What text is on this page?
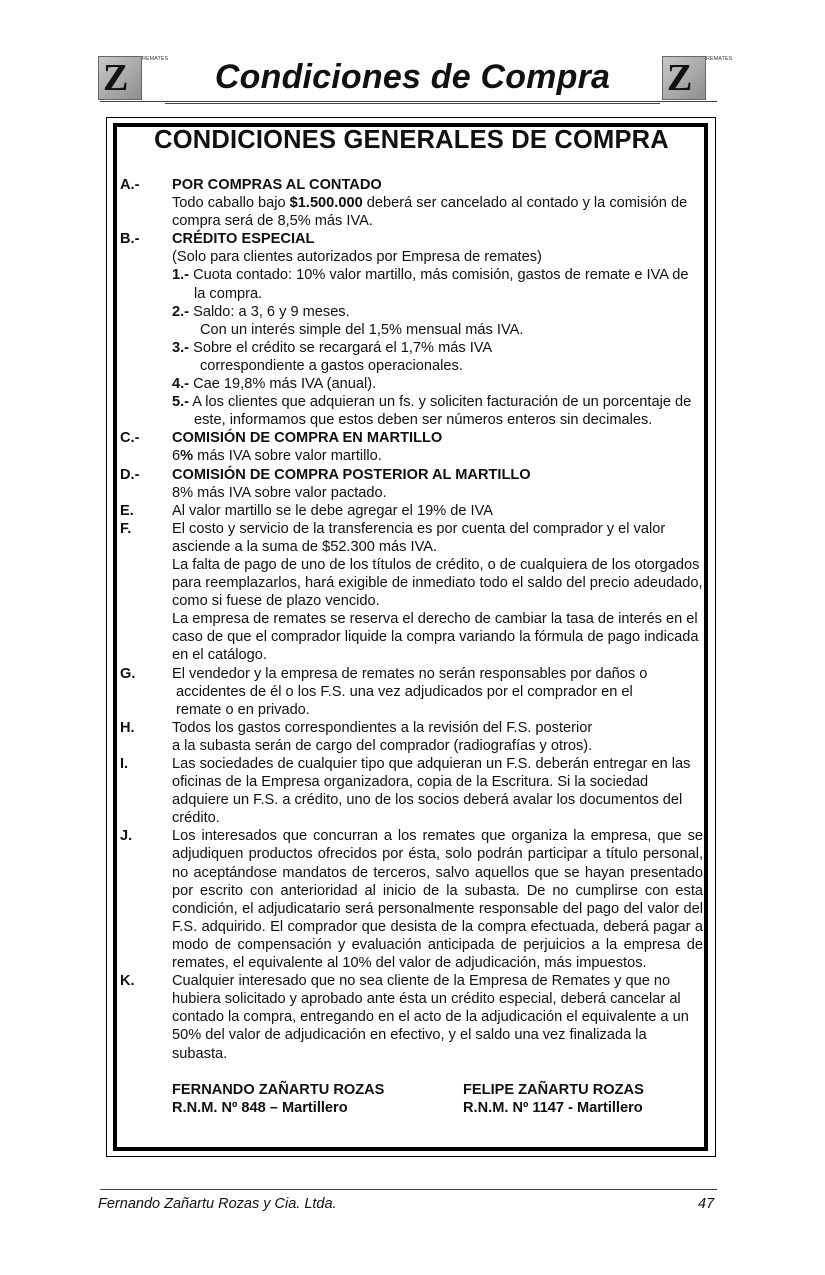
Z REMATES	Condiciones de Compra	Z REMATES
CONDICIONES GENERALES DE COMPRA
A.- POR COMPRAS AL CONTADO
Todo caballo bajo $1.500.000 deberá ser cancelado al contado y la comisión de compra será de 8,5% más IVA.
B.- CRÉDITO ESPECIAL
(Solo para clientes autorizados por Empresa de remates)
1.- Cuota contado: 10% valor martillo, más comisión, gastos de remate e IVA de la compra.
2.- Saldo: a 3, 6 y 9 meses.
Con un interés simple del 1,5% mensual más IVA.
3.- Sobre el crédito se recargará el 1,7% más IVA
correspondiente a gastos operacionales.
4.- Cae 19,8% más IVA (anual).
5.- A los clientes que adquieran un fs. y soliciten facturación de un porcentaje de este, informamos que estos deben ser números enteros sin decimales.
C.- COMISIÓN DE COMPRA EN MARTILLO
6% más IVA sobre valor martillo.
D.- COMISIÓN DE COMPRA POSTERIOR AL MARTILLO
8% más IVA sobre valor pactado.
E.	Al valor martillo se le debe agregar el 19% de IVA
F.	El costo y servicio de la transferencia es por cuenta del comprador y el valor asciende a la suma de $52.300 más IVA.
La falta de pago de uno de los títulos de crédito, o de cualquiera de los otorgados para reemplazarlos, hará exigible de inmediato todo el saldo del precio adeudado, como si fuese de plazo vencido.
La empresa de remates se reserva el derecho de cambiar la tasa de interés en el caso de que el comprador liquide la compra variando la fórmula de pago indicada en el catálogo.
G.	El vendedor y la empresa de remates no serán responsables por daños o
accidentes de él o los F.S. una vez adjudicados por el comprador en el
remate o en privado.
H.	Todos los gastos correspondientes a la revisión del F.S. posterior
a la subasta serán de cargo del comprador (radiografías y otros).
I.	Las sociedades de cualquier tipo que adquieran un F.S. deberán entregar en las oficinas de la Empresa organizadora, copia de la Escritura. Si la sociedad adquiere un F.S. a crédito, uno de los socios deberá avalar los documentos del crédito.
J.	Los interesados que concurran a los remates que organiza la empresa, que se adjudiquen productos ofrecidos por ésta, solo podrán participar a título personal, no aceptándose mandatos de terceros, salvo aquellos que se hayan presentado por escrito con anterioridad al inicio de la subasta. De no cumplirse con esta condición, el adjudicatario será personalmente responsable del pago del valor del F.S. adquirido. El comprador que desista de la compra efectuada, deberá pagar a modo de compensación y evaluación anticipada de perjuicios a la empresa de remates, el equivalente al 10% del valor de adjudicación, más impuestos.
K.	Cualquier interesado que no sea cliente de la Empresa de Remates y que no hubiera solicitado y aprobado ante ésta un crédito especial, deberá cancelar al contado la compra, entregando en el acto de la adjudicación el equivalente a un 50% del valor de adjudicación en efectivo, y el saldo una vez finalizada la subasta.
FERNANDO ZAÑARTU ROZAS
R.N.M. Nº 848 – Martillero
FELIPE ZAÑARTU ROZAS
R.N.M. Nº 1147 - Martillero
Fernando Zañartu Rozas y Cia. Ltda.	47
